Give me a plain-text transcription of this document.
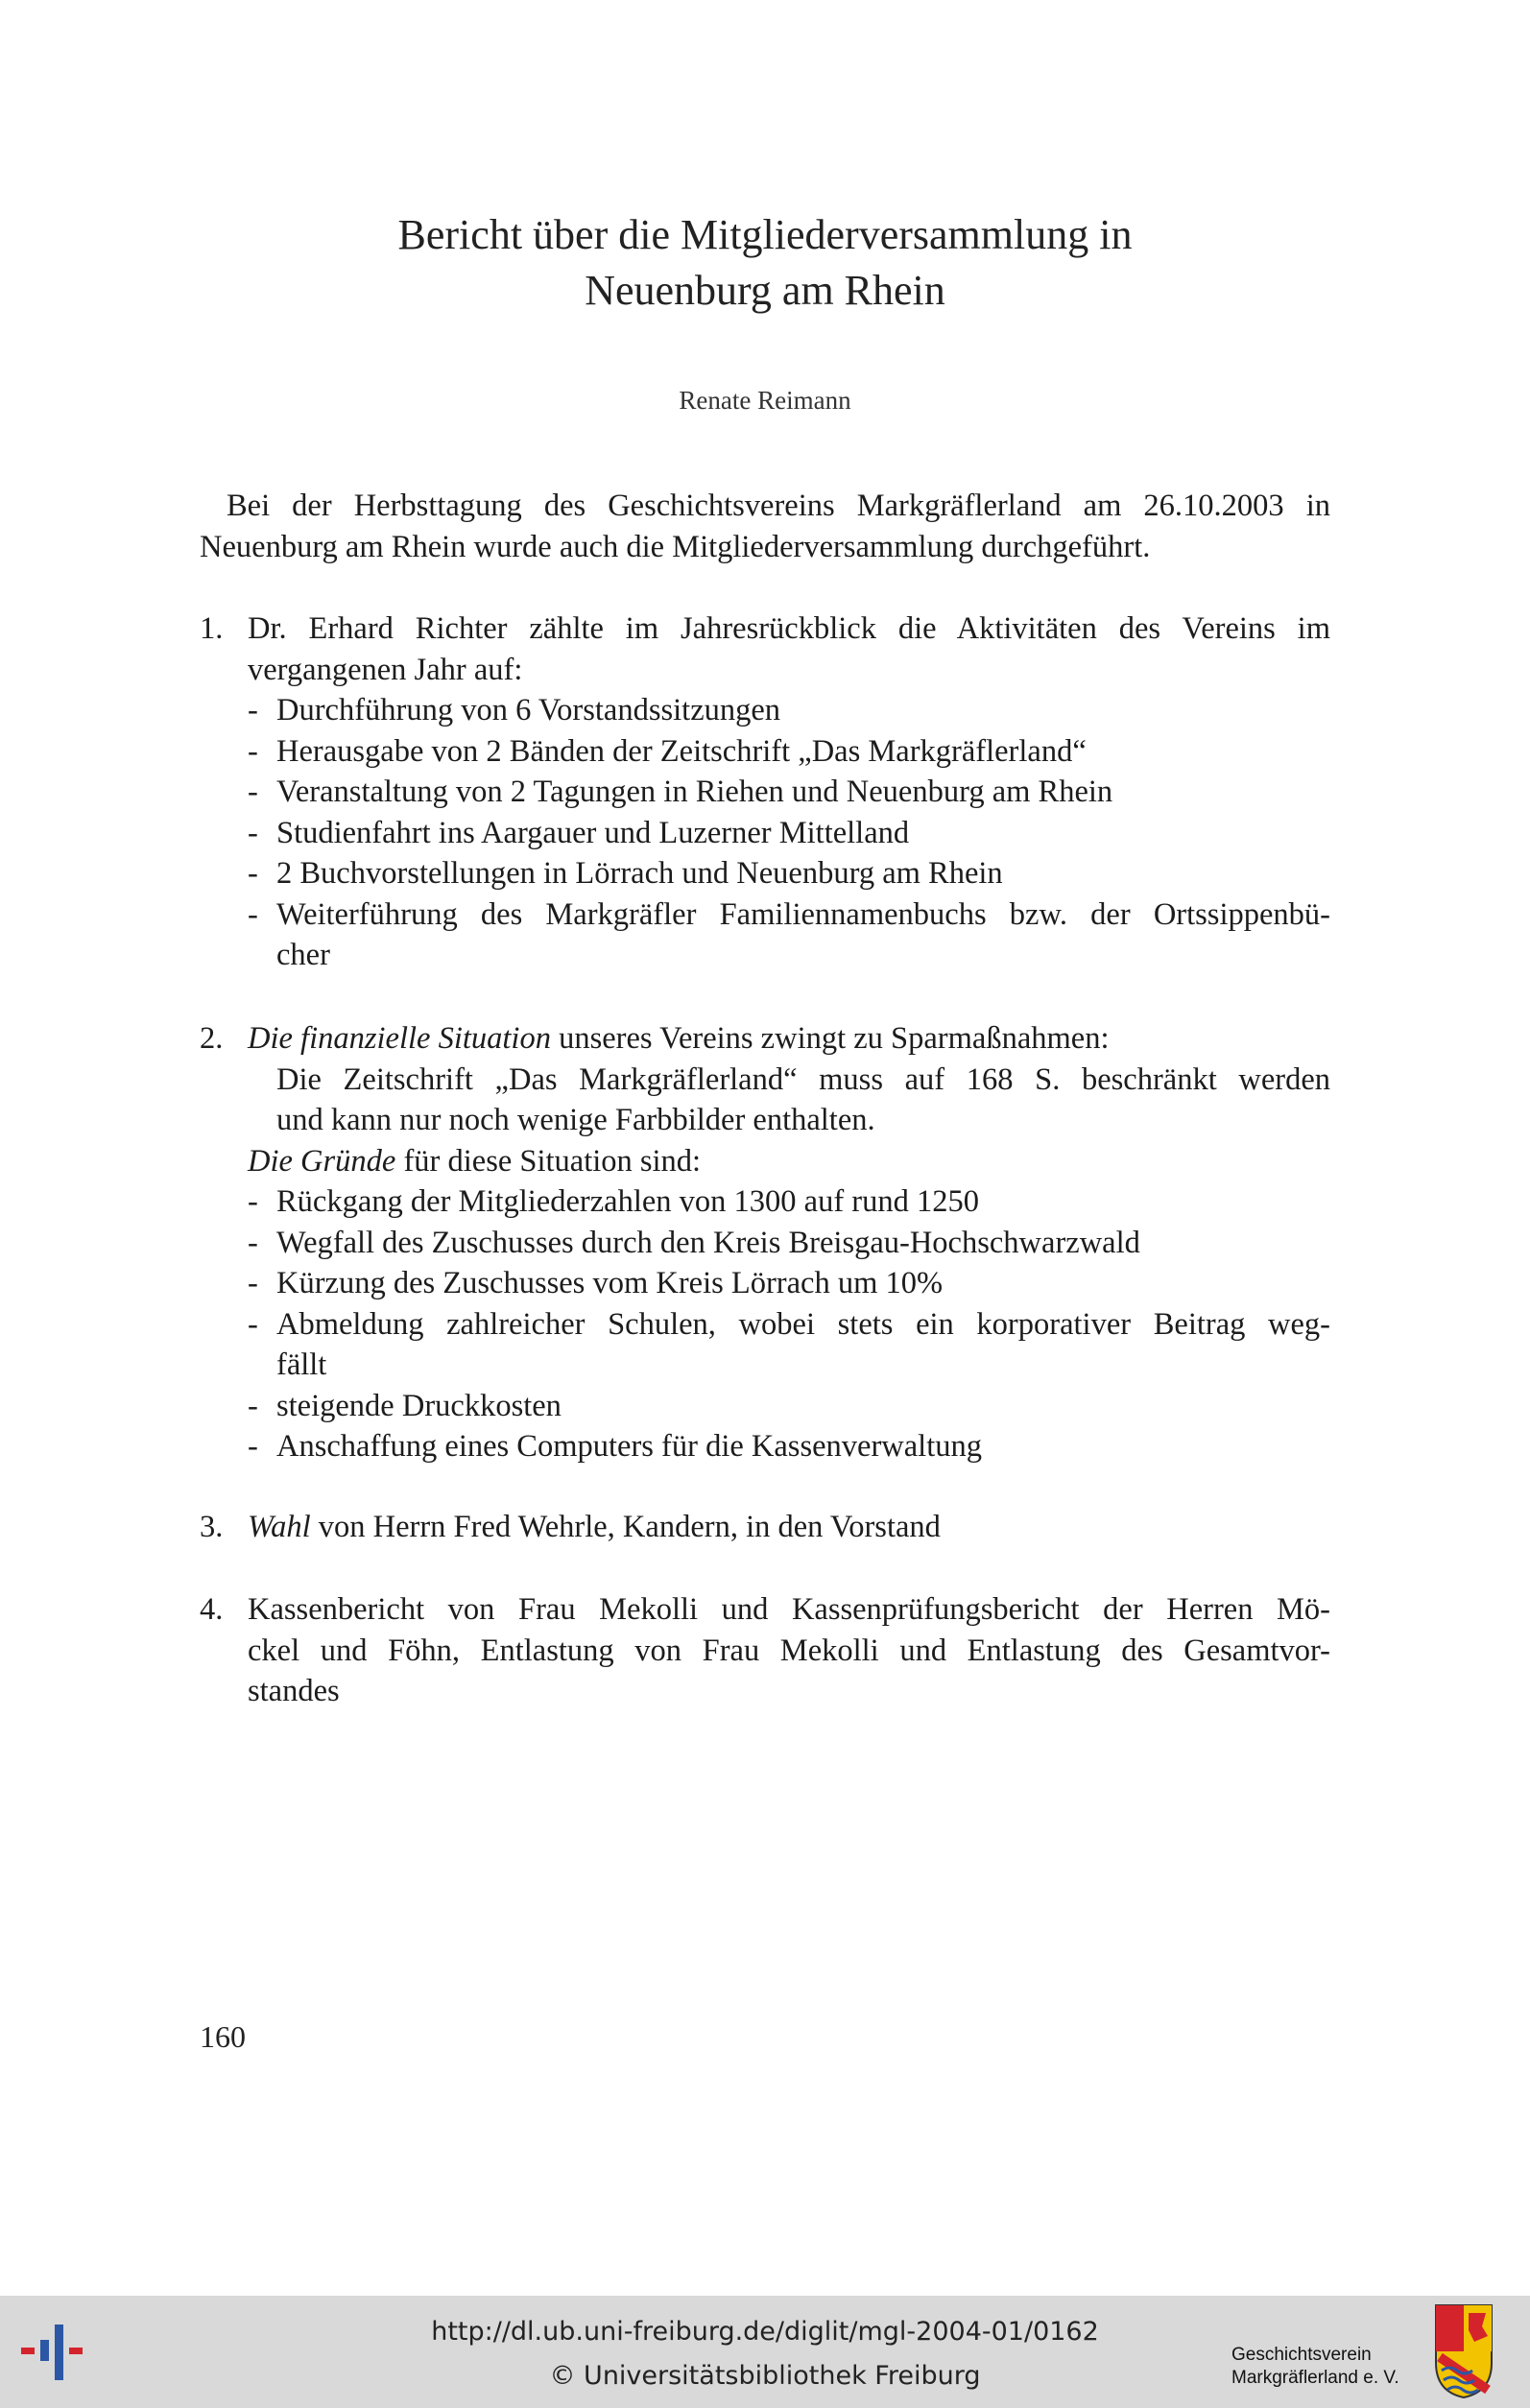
Bericht über die Mitgliederversammlung in
Neuenburg am Rhein
Renate Reimann
Bei der Herbsttagung des Geschichtsvereins Markgräflerland am 26.10.2003 in
Neuenburg am Rhein wurde auch die Mitgliederversammlung durchgeführt.
1. Dr. Erhard Richter zählte im Jahresrückblick die Aktivitäten des Vereins im
vergangenen Jahr auf:
- Durchführung von 6 Vorstandssitzungen
- Herausgabe von 2 Bänden der Zeitschrift „Das Markgräflerland“
- Veranstaltung von 2 Tagungen in Riehen und Neuenburg am Rhein
- Studienfahrt ins Aargauer und Luzerner Mittelland
- 2 Buchvorstellungen in Lörrach und Neuenburg am Rhein
- Weiterführung des Markgräfler Familiennamenbuchs bzw. der Ortssippenbü-
cher
2. Die finanzielle Situation unseres Vereins zwingt zu Sparmaßnahmen:
Die Zeitschrift „Das Markgräflerland“ muss auf 168 S. beschränkt werden
und kann nur noch wenige Farbbilder enthalten.
Die Gründe für diese Situation sind:
- Rückgang der Mitgliederzahlen von 1300 auf rund 1250
- Wegfall des Zuschusses durch den Kreis Breisgau-Hochschwarzwald
- Kürzung des Zuschusses vom Kreis Lörrach um 10%
- Abmeldung zahlreicher Schulen, wobei stets ein korporativer Beitrag weg-
fällt
- steigende Druckkosten
- Anschaffung eines Computers für die Kassenverwaltung
3. Wahl von Herrn Fred Wehrle, Kandern, in den Vorstand
4. Kassenbericht von Frau Mekolli und Kassenprüfungsbericht der Herren Mö-
ckel und Föhn, Entlastung von Frau Mekolli und Entlastung des Gesamtvor-
standes
160
http://dl.ub.uni-freiburg.de/diglit/mgl-2004-01/0162
© Universitätsbibliothek Freiburg
Geschichtsverein
Markgräflerland e. V.
